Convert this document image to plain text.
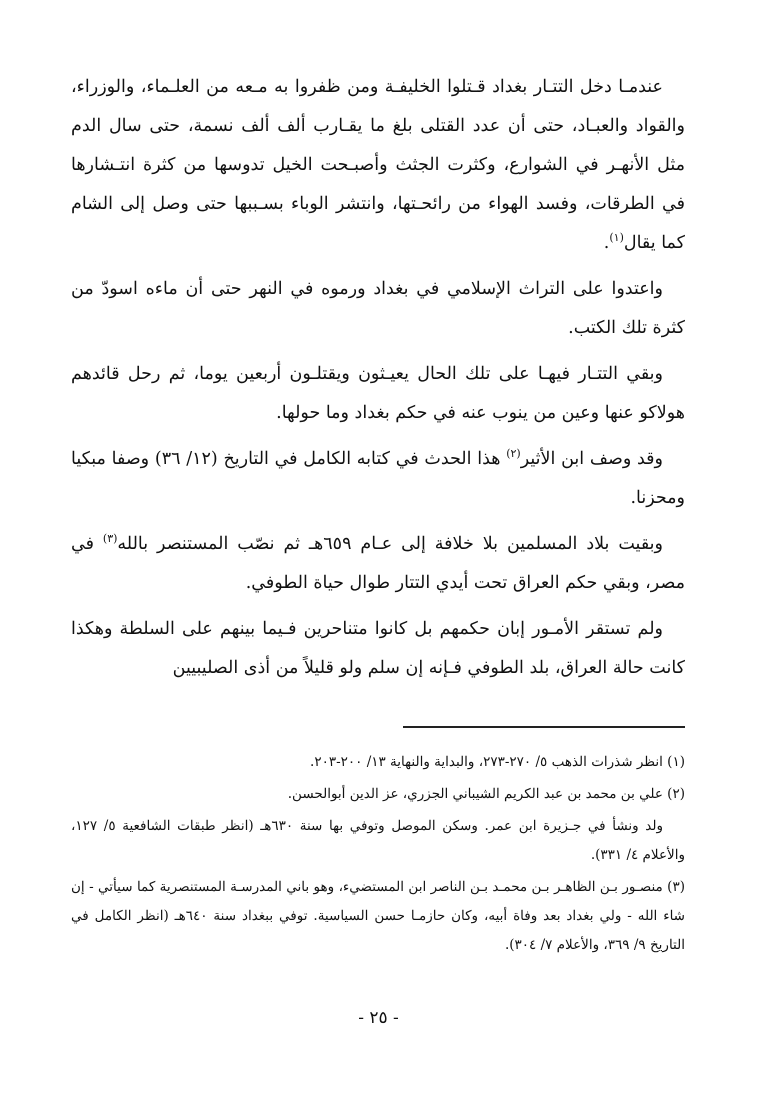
عندمـا دخل التتـار بغداد قـتلوا الخليفـة ومن ظفروا به مـعه من العلـماء، والوزراء، والقواد والعبـاد، حتى أن عدد القتلى بلغ ما يقـارب ألف ألف نسمة، حتى سال الدم مثل الأنهـر في الشوارع، وكثرت الجثث وأصبـحت الخيل تدوسها من كثرة انتـشارها في الطرقات، وفسد الهواء من رائحـتها، وانتشر الوباء بسـببها حتى وصل إلى الشام كما يقال$^{(١)}$.

واعتدوا على التراث الإسلامي في بغداد ورموه في النهر حتى أن ماءه اسودّ من كثرة تلك الكتب.

وبقي التتـار فيهـا على تلك الحال يعيـثون ويقتلـون أربعين يوما، ثم رحل قائدهم هولاكو عنها وعين من ينوب عنه في حكم بغداد وما حولها.

وقد وصف ابن الأثير$^{(٢)}$ هذا الحدث في كتابه الكامل في التاريخ (١٢/ ٣٦) وصفا مبكيا ومحزنا.

وبقيت بلاد المسلمين بلا خلافة إلى عـام ٦٥٩هـ ثم نصّب المستنصر بالله$^{(٣)}$ في مصر، وبقي حكم العراق تحت أيدي التتار طوال حياة الطوفي.

ولم تستقر الأمـور إبان حكمهم بل كانوا متناحرين فـيما بينهم على السلطة وهكذا كانت حالة العراق، بلد الطوفي فـإنه إن سلم ولو قليلاً من أذى الصليبيين

(١) انظر شذرات الذهب ٥/ ٢٧٠-٢٧٣، والبداية والنهاية ١٣/ ٢٠٠-٢٠٣.

(٢) علي بن محمد بن عبد الكريم الشيباني الجزري، عز الدين أبوالحسن.

ولد ونشأ في جـزيرة ابن عمر. وسكن الموصل وتوفي بها سنة ٦٣٠هـ (انظر طبقات الشافعية ٥/ ١٢٧، والأعلام ٤/ ٣٣١).

(٣) منصـور بـن الظاهـر بـن محمـد بـن الناصر ابن المستضيء، وهو باني المدرسـة المستنصرية كما سيأتي - إن شاء الله - ولي بغداد بعد وفاة أبيه، وكان حازمـا حسن السياسية. توفي ببغداد سنة ٦٤٠هـ (انظر الكامل في التاريخ ٩/ ٣٦٩، والأعلام ٧/ ٣٠٤).

- ٢٥ -
